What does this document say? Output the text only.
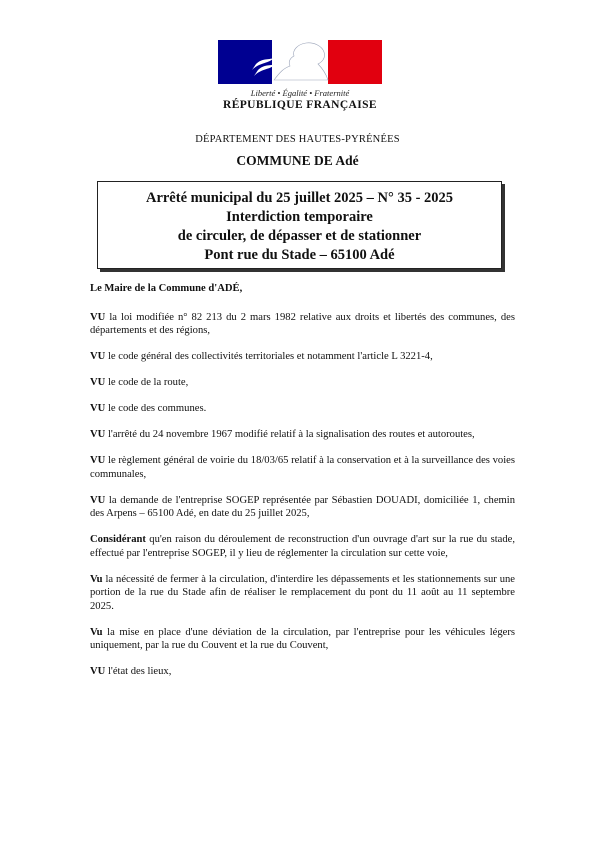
Liberté • Égalité • Fraternité
RÉPUBLIQUE FRANÇAISE
DÉPARTEMENT DES HAUTES-PYRÉNÉES
COMMUNE DE Adé
Arrêté municipal du 25 juillet 2025 – N° 35 - 2025
Interdiction temporaire
de circuler, de dépasser et de stationner
Pont rue du Stade – 65100 Adé

Le Maire de la Commune d'ADÉ,

VU la loi modifiée n° 82 213 du 2 mars 1982 relative aux droits et libertés des communes, des départements et des régions,

VU le code général des collectivités territoriales et notamment l'article L 3221-4,

VU le code de la route,

VU le code des communes.

VU l'arrêté du 24 novembre 1967 modifié relatif à la signalisation des routes et autoroutes,

VU le règlement général de voirie du 18/03/65 relatif à la conservation et à la surveillance des voies communales,

VU la demande de l'entreprise SOGEP représentée par Sébastien DOUADI, domiciliée 1, chemin des Arpens – 65100 Adé, en date du 25 juillet 2025,

Considérant qu'en raison du déroulement de reconstruction d'un ouvrage d'art sur la rue du stade, effectué par l'entreprise SOGEP, il y lieu de réglementer la circulation sur cette voie,

Vu la nécessité de fermer à la circulation, d'interdire les dépassements et les stationnements sur une portion de la rue du Stade afin de réaliser le remplacement du pont du 11 août au 11 septembre 2025.

Vu la mise en place d'une déviation de la circulation, par l'entreprise pour les véhicules légers uniquement, par la rue du Couvent et la rue du Couvent,

VU l'état des lieux,
